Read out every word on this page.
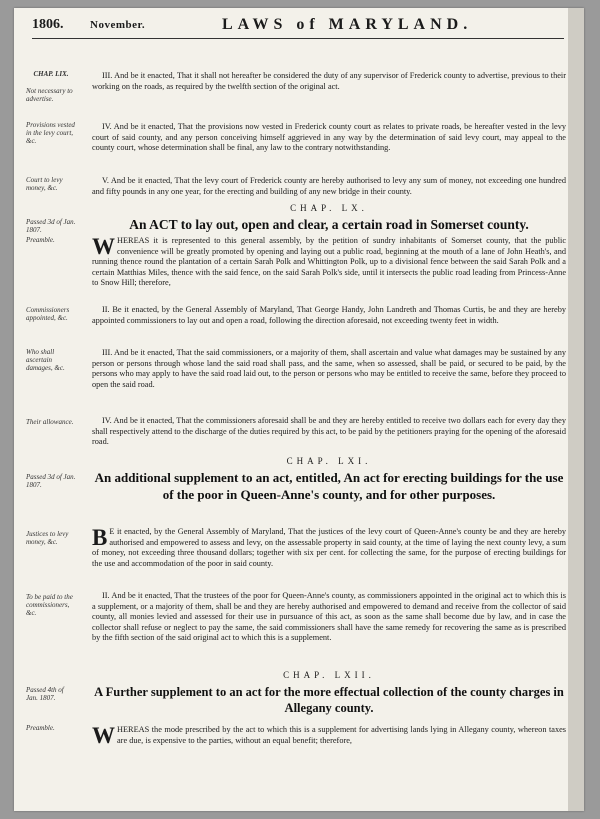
1806. November.	LAWS of MARYLAND.
CHAP. LIX.
Not necessary to advertise.

III. And be it enacted, That it shall not hereafter be considered the duty of any supervisor of Frederick county to advertise, previous to their working on the roads, as required by the twelfth section of the original act.

Provisions vested in the levy court, &c.

IV. And be it enacted, That the provisions now vested in Frederick county court as relates to private roads, be hereafter vested in the levy court of said county, and any person conceiving himself aggrieved in any way by the determination of said levy court, may appeal to the county court, whose determination shall be final, any law to the contrary notwithstanding.

Court to levy money, &c.

V. And be it enacted, That the levy court of Frederick county are hereby authorised to levy any sum of money, not exceeding one hundred and fifty pounds in any one year, for the erecting and building of any new bridge in their county.

CHAP. LX.
Passed 3d of Jan. 1807.
Preamble.
An ACT to lay out, open and clear, a certain road in Somerset county.
WHEREAS it is represented to this general assembly, by the petition of sundry inhabitants of Somerset county, that the public convenience will be greatly promoted by opening and laying out a public road, beginning at the mouth of a lane of John Heath's, and running thence round the plantation of a certain Sarah Polk and Whittington Polk, up to a divisional fence between the said Sarah Polk and a certain Matthias Miles, thence with the said fence, on the said Sarah Polk's side, until it intersects the public road leading from Princess-Anne to Snow Hill; therefore,
Commissioners appointed, &c.

II. Be it enacted, by the General Assembly of Maryland, That George Handy, John Landreth and Thomas Curtis, be and they are hereby appointed commissioners to lay out and open a road, following the direction aforesaid, not exceeding twenty feet in width.

Who shall ascertain damages, &c.

III. And be it enacted, That the said commissioners, or a majority of them, shall ascertain and value what damages may be sustained by any person or persons through whose land the said road shall pass, and the same, when so assessed, shall be paid, or secured to be paid, by the persons who may apply to have the said road laid out, to the person or persons who may be entitled to receive the same, before they proceed to open the said road.

Their allowance.	IV. And be it enacted, That the commissioners aforesaid shall be and they are hereby entitled to receive two dollars each for every day they shall respectively attend to the discharge of the duties required by this act, to be paid by the petitioners praying for the opening of the aforesaid road.

CHAP. LXI.
Passed 3d of Jan. 1807.	An additional supplement to an act, entitled, An act for erecting buildings for the use of the poor in Queen-Anne's county, and for other purposes.
Justices to levy money, &c.	B E it enacted, by the General Assembly of Maryland, That the justices of the levy court of Queen-Anne's county be and they are hereby authorised and empowered to assess and levy, on the assessable property in said county, at the time of laying the next county levy, a sum of money, not exceeding three thousand dollars; together with six per cent. for collecting the same, for the purpose of erecting buildings for the use and accommodation of the poor in said county.
To be paid to the commissioners, &c.

II. And be it enacted, That the trustees of the poor for Queen-Anne's county, as commissioners appointed in the original act to which this is a supplement, or a majority of them, shall be and they are hereby authorised and empowered to demand and receive from the collector of said county, all monies levied and assessed for their use in pursuance of this act, as soon as the same shall become due by law, and in case the collector shall refuse or neglect to pay the same, the said commissioners shall have the same remedy for recovering the same as is prescribed by the fifth section of the said original act to which this is a supplement.

CHAP. LXII.
Passed 4th of Jan. 1807.	A Further supplement to an act for the more effectual collection of the county charges in Allegany county.
Preamble.	WHEREAS the mode prescribed by the act to which this is a supplement for advertising lands lying in Allegany county, whereon taxes are due, is expensive to the parties, without an equal benefit; therefore,
